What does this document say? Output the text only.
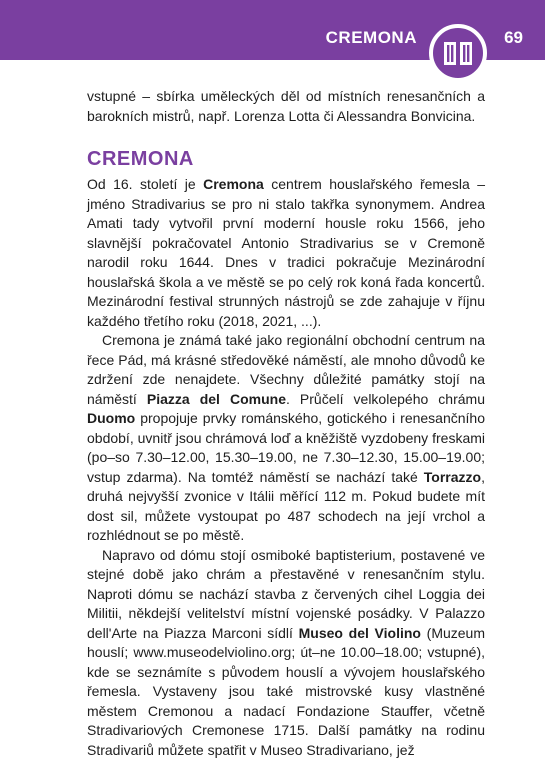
CREMONA	69

vstupné – sbírka uměleckých děl od místních renesančních a barokních mistrů, např. Lorenza Lotta či Alessandra Bonvicina.

CREMONA

Od 16. století je Cremona centrem houslařského řemesla – jméno Stradivarius se pro ni stalo takřka synonymem. Andrea Amati tady vytvořil první moderní housle roku 1566, jeho slavnější pokračovatel Antonio Stradivarius se v Cremoně narodil roku 1644. Dnes v tradici pokračuje Mezinárodní houslařská škola a ve městě se po celý rok koná řada koncertů. Mezinárodní festival strunných nástrojů se zde zahajuje v říjnu každého třetího roku (2018, 2021, ...).

Cremona je známá také jako regionální obchodní centrum na řece Pád, má krásné středověké náměstí, ale mnoho důvodů ke zdržení zde nenajdete. Všechny důležité památky stojí na náměstí Piazza del Comune. Průčelí velkolepého chrámu Duomo propojuje prvky románského, gotického i renesančního období, uvnitř jsou chrámová loď a kněžiště vyzdobeny freskami (po–so 7.30–12.00, 15.30–19.00, ne 7.30–12.30, 15.00–19.00; vstup zdarma). Na tomtéž náměstí se nachází také Torrazzo, druhá nejvyšší zvonice v Itálii měřící 112 m. Pokud budete mít dost sil, můžete vystoupat po 487 schodech na její vrchol a rozhlédnout se po městě.

Napravo od dómu stojí osmiboké baptisterium, postavené ve stejné době jako chrám a přestavěné v renesančním stylu. Naproti dómu se nachází stavba z červených cihel Loggia dei Militii, někdejší velitelství místní vojenské posádky. V Palazzo dell'Arte na Piazza Marconi sídlí Museo del Violino (Muzeum houslí; www.museodelviolino.org; út–ne 10.00–18.00; vstupné), kde se seznámíte s původem houslí a vývojem houslařského řemesla. Vystaveny jsou také mistrovské kusy vlastněné městem Cremonou a nadací Fondazione Stauffer, včetně Stradivariových Cremonese 1715. Další památky na rodinu Stradivariů můžete spatřit v Museo Stradivariano, jež
